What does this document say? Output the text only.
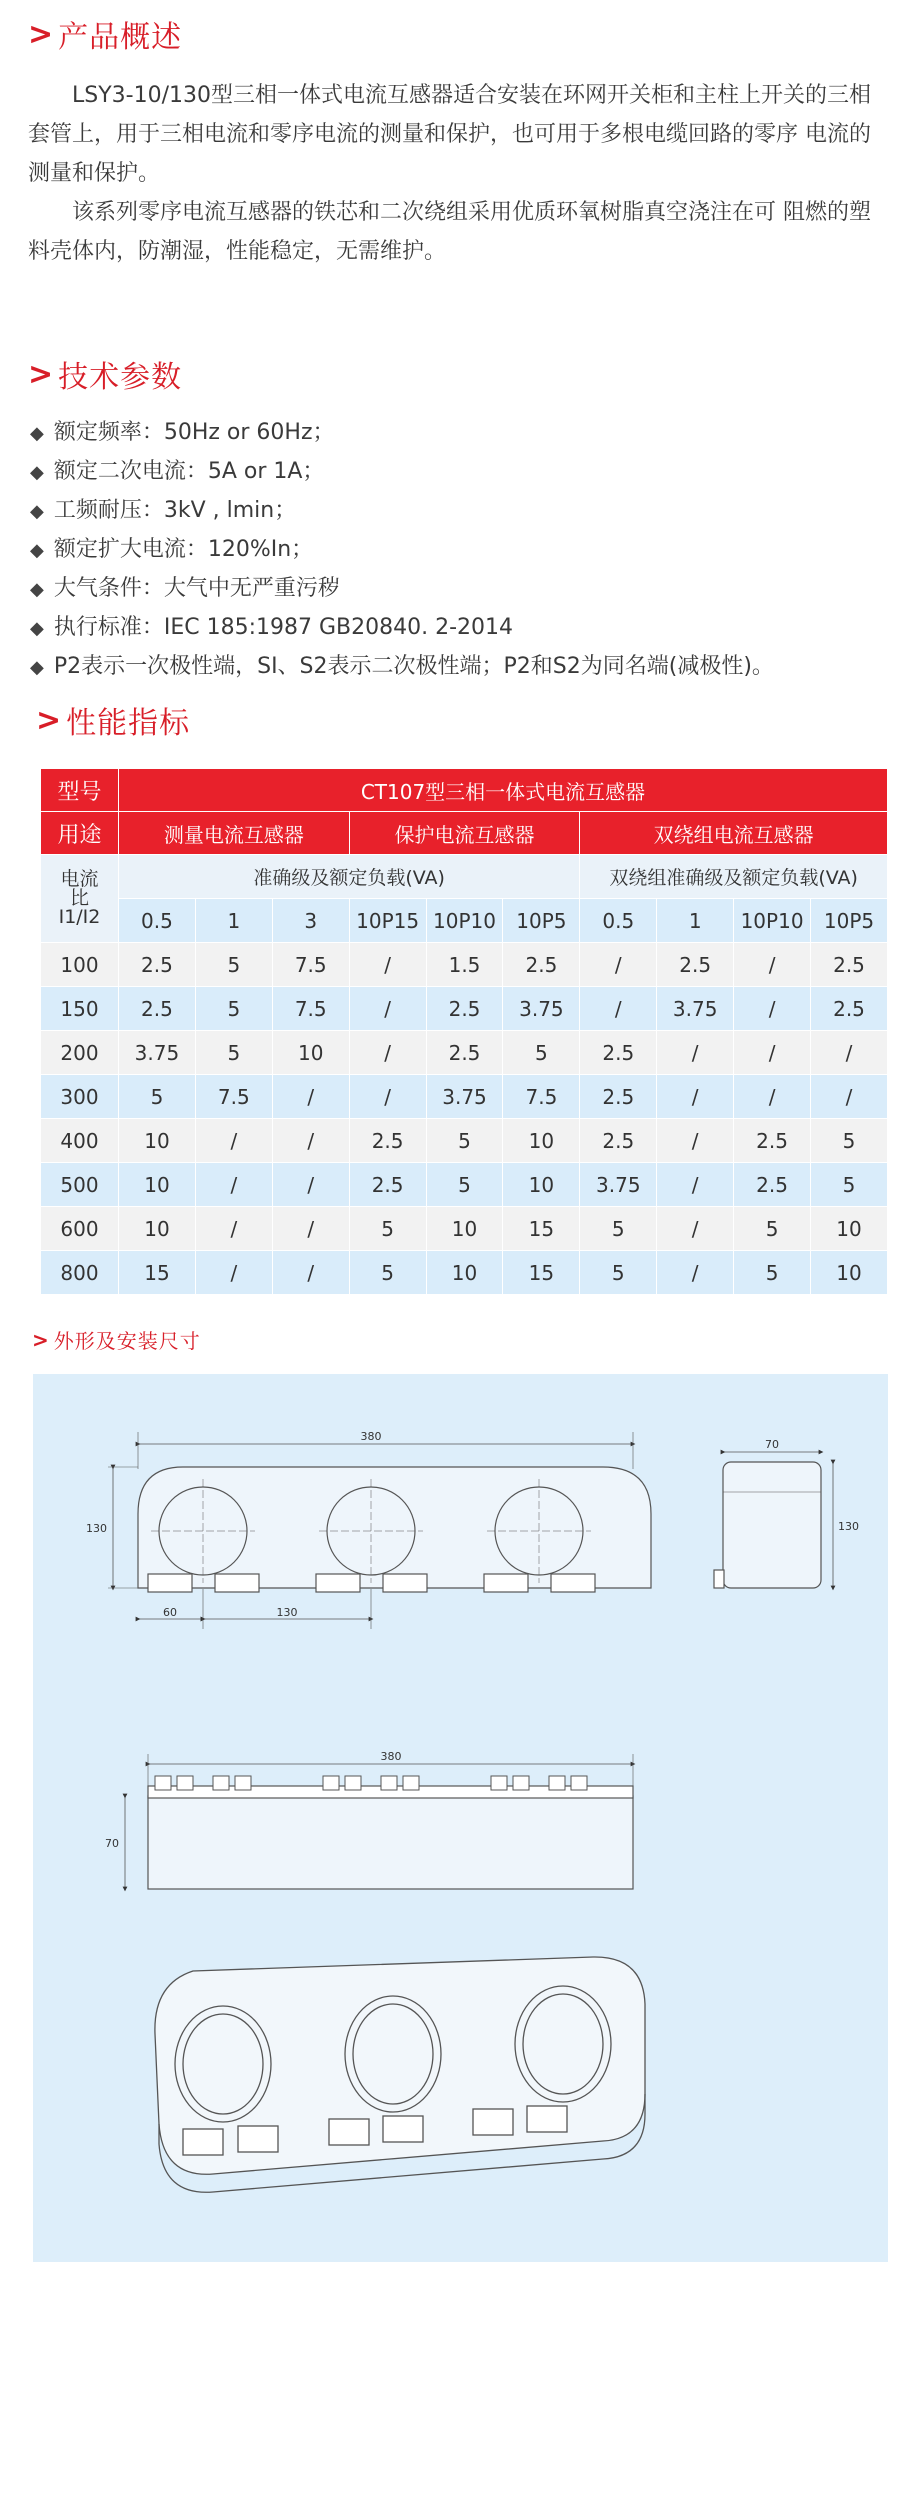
> 产品概述

LSY3-10/130型三相一体式电流互感器适合安装在环网开关柜和主柱上开关的三相 套管上，用于三相电流和零序电流的测量和保护，也可用于多根电缆回路的零序 电流的测量和保护。

该系列零序电流互感器的铁芯和二次绕组采用优质环氧树脂真空浇注在可 阻燃的塑料壳体内，防潮湿，性能稳定，无需维护。

> 技术参数
◆ 额定频率：50Hz or 60Hz；
◆ 额定二次电流：5A or 1A；
◆ 工频耐压：3kV , lmin；
◆ 额定扩大电流：120%In；
◆ 大气条件：大气中无严重污秽
◆ 执行标准：IEC 185:1987 GB20840. 2-2014
◆ P2表示一次极性端，SI、S2表示二次极性端；P2和S2为同名端(减极性)。
> 性能指标
型号	CT107型三相一体式电流互感器									
用途	测量电流互感器			保护电流互感器			双绕组电流互感器			
电流
比
I1/I2	准确级及额定负载(VA)						双绕组准确级及额定负载(VA)			
	0.5	1	3	10P15	10P10	10P5	0.5	1	10P10	10P5
100	2.5	5	7.5	/	1.5	2.5	/	2.5	/	2.5
150	2.5	5	7.5	/	2.5	3.75	/	3.75	/	2.5
200	3.75	5	10	/	2.5	5	2.5	/	/	/
300	5	7.5	/	/	3.75	7.5	2.5	/	/	/
400	10	/	/	2.5	5	10	2.5	/	2.5	5
500	10	/	/	2.5	5	10	3.75	/	2.5	5
600	10	/	/	5	10	15	5	/	5	10
800	15	/	/	5	10	15	5	/	5	10
> 外形及安装尺寸
380
130
60	130
70
130
380
70
